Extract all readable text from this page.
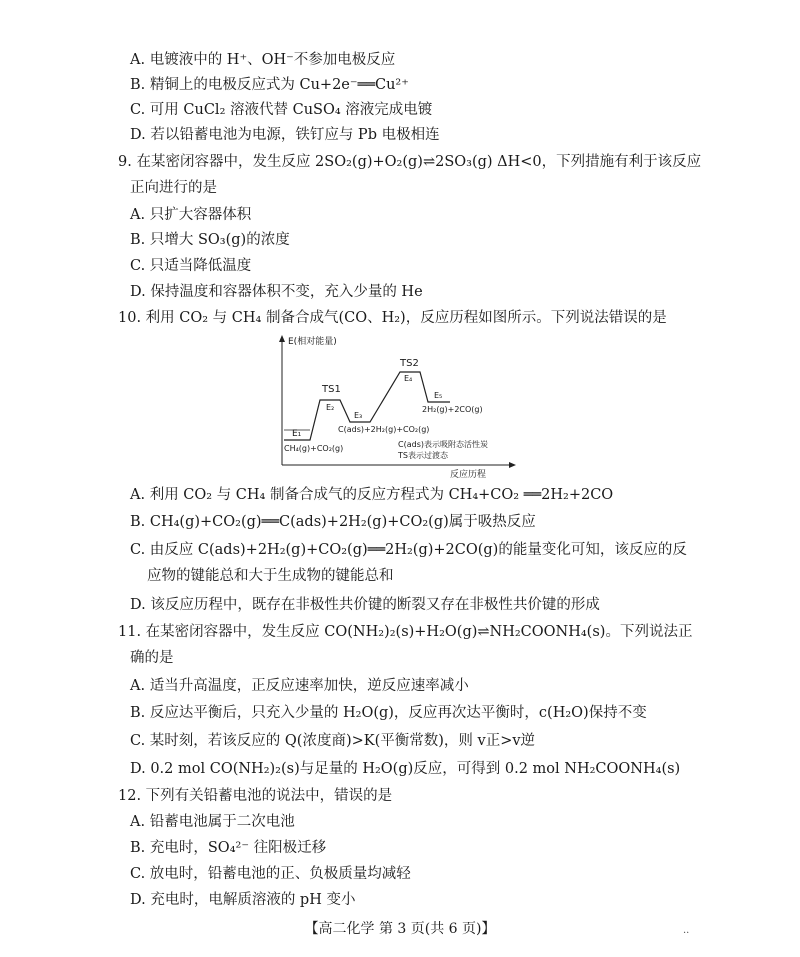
A. 电镀液中的 H⁺、OH⁻不参加电极反应
B. 精铜上的电极反应式为 Cu+2e⁻══Cu²⁺
C. 可用 CuCl₂ 溶液代替 CuSO₄ 溶液完成电镀
D. 若以铅蓄电池为电源，铁钉应与 Pb 电极相连
9. 在某密闭容器中，发生反应 2SO₂(g)+O₂(g)⇌2SO₃(g) ΔH<0，下列措施有利于该反应
正向进行的是
A. 只扩大容器体积
B. 只增大 SO₃(g)的浓度
C. 只适当降低温度
D. 保持温度和容器体积不变，充入少量的 He
10. 利用 CO₂ 与 CH₄ 制备合成气(CO、H₂)，反应历程如图所示。下列说法错误的是
E(相对能量)
反应历程
E₁
CH₄(g)+CO₂(g)
TS1
E₂
E₃
C(ads)+2H₂(g)+CO₂(g)
TS2
E₄
E₅
2H₂(g)+2CO(g)
C(ads)表示吸附态活性炭
TS表示过渡态
A. 利用 CO₂ 与 CH₄ 制备合成气的反应方程式为 CH₄+CO₂ ══2H₂+2CO
B. CH₄(g)+CO₂(g)══C(ads)+2H₂(g)+CO₂(g)属于吸热反应
C. 由反应 C(ads)+2H₂(g)+CO₂(g)══2H₂(g)+2CO(g)的能量变化可知，该反应的反
应物的键能总和大于生成物的键能总和
D. 该反应历程中，既存在非极性共价键的断裂又存在非极性共价键的形成
11. 在某密闭容器中，发生反应 CO(NH₂)₂(s)+H₂O(g)⇌NH₂COONH₄(s)。下列说法正
确的是
A. 适当升高温度，正反应速率加快，逆反应速率减小
B. 反应达平衡后，只充入少量的 H₂O(g)，反应再次达平衡时，c(H₂O)保持不变
C. 某时刻，若该反应的 Q(浓度商)>K(平衡常数)，则 v正>v逆
D. 0.2 mol CO(NH₂)₂(s)与足量的 H₂O(g)反应，可得到 0.2 mol NH₂COONH₄(s)
12. 下列有关铅蓄电池的说法中，错误的是
A. 铅蓄电池属于二次电池
B. 充电时，SO₄²⁻ 往阳极迁移
C. 放电时，铅蓄电池的正、负极质量均减轻
D. 充电时，电解质溶液的 pH 变小
【高二化学 第 3 页(共 6 页)】	··
